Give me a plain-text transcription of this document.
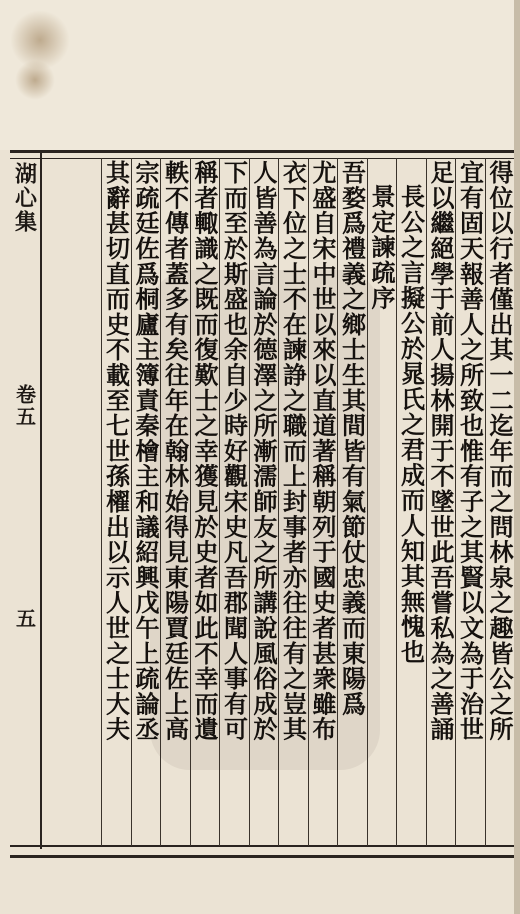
湖心集
卷五
五	得位以行者僅出其一二迄年而之問林泉之趣皆公之所
宜有固天報善人之所致也惟有子之其賢以文為于治世
足以繼絕學于前人揚林開于不墜世此吾嘗私為之善誦
長公之言擬公於晁氏之君成而人知其無愧也
景定諫疏序
吾婺爲禮義之鄉士生其間皆有氣節仗忠義而東陽爲
尤盛自宋中世以來以直道著稱朝列于國史者甚衆雖布
衣下位之士不在諫諍之職而上封事者亦往往有之豈其
人皆善為言論於德澤之所漸濡師友之所講說風俗成於
下而至於斯盛也余自少時好觀宋史凡吾郡聞人事有可
稱者輙識之既而復歎士之幸獲見於史者如此不幸而遺
軼不傳者蓋多有矣往年在翰林始得見東陽賈廷佐上高
宗疏廷佐爲桐廬主簿責秦檜主和議紹興戊午上疏論丞
其辭甚切直而史不載至七世孫櫂出以示人世之士大夫
